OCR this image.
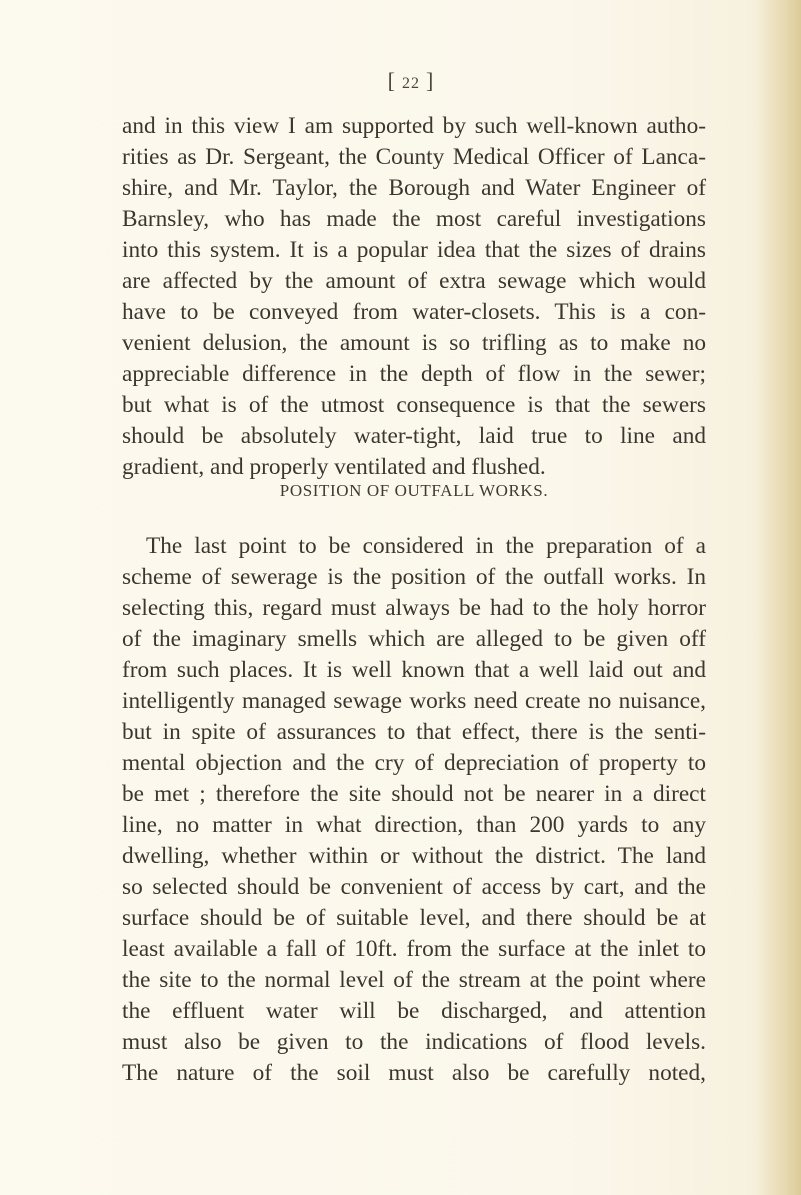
[ 22 ]

and in this view I am supported by such well-known autho-

rities as Dr. Sergeant, the County Medical Officer of Lanca-

shire, and Mr. Taylor, the Borough and Water Engineer of

Barnsley, who has made the most careful investigations

into this system. It is a popular idea that the sizes of drains

are affected by the amount of extra sewage which would

have to be conveyed from water-closets. This is a con-

venient delusion, the amount is so trifling as to make no

appreciable difference in the depth of flow in the sewer;

but what is of the utmost consequence is that the sewers

should be absolutely water-tight, laid true to line and

gradient, and properly ventilated and flushed.

POSITION OF OUTFALL WORKS.

The last point to be considered in the preparation of a

scheme of sewerage is the position of the outfall works. In

selecting this, regard must always be had to the holy horror

of the imaginary smells which are alleged to be given off

from such places. It is well known that a well laid out and

intelligently managed sewage works need create no nuisance,

but in spite of assurances to that effect, there is the senti-

mental objection and the cry of depreciation of property to

be met ; therefore the site should not be nearer in a direct

line, no matter in what direction, than 200 yards to any

dwelling, whether within or without the district. The land

so selected should be convenient of access by cart, and the

surface should be of suitable level, and there should be at

least available a fall of 10ft. from the surface at the inlet to

the site to the normal level of the stream at the point where

the effluent water will be discharged, and attention

must also be given to the indications of flood levels.

The nature of the soil must also be carefully noted,
